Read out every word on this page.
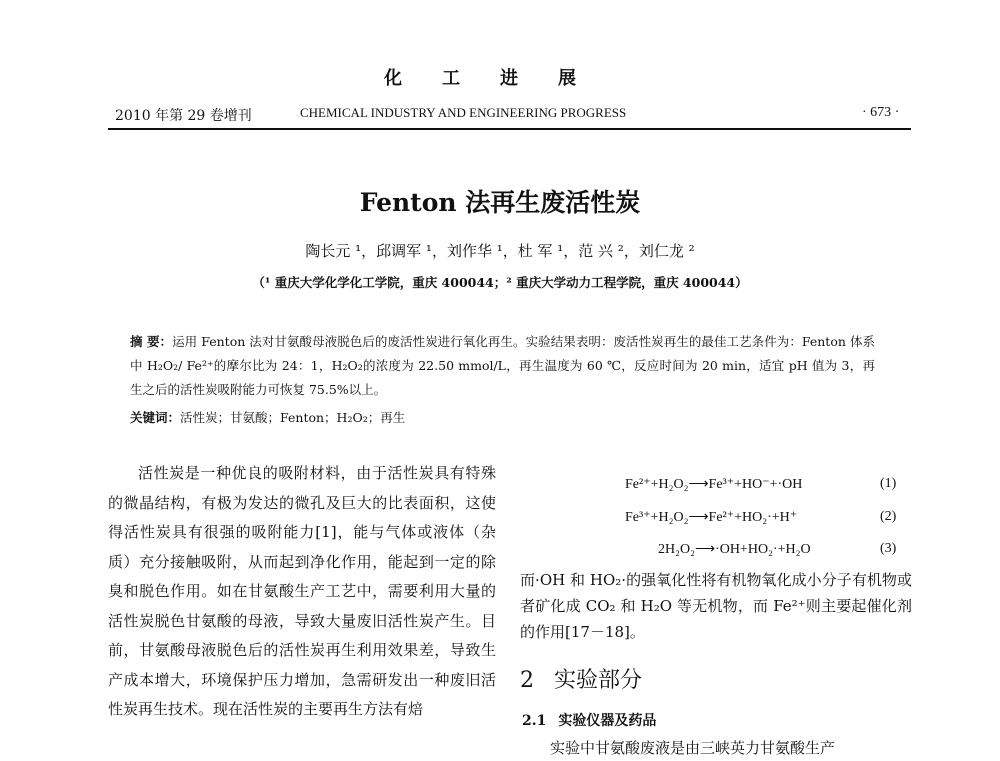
化工进展
2010 年第 29 卷增刊	CHEMICAL INDUSTRY AND ENGINEERING PROGRESS	· 673 ·
Fenton 法再生废活性炭
陶长元 ¹，邱调军 ¹，刘作华 ¹，杜 军 ¹，范 兴 ²，刘仁龙 ²
（¹ 重庆大学化学化工学院，重庆 400044；² 重庆大学动力工程学院，重庆 400044）
摘 要：运用 Fenton 法对甘氨酸母液脱色后的废活性炭进行氧化再生。实验结果表明：废活性炭再生的最佳工艺条件为：Fenton 体系中 H₂O₂/ Fe²⁺的摩尔比为 24：1，H₂O₂的浓度为 22.50 mmol/L，再生温度为 60 ℃，反应时间为 20 min，适宜 pH 值为 3，再生之后的活性炭吸附能力可恢复 75.5%以上。
关键词：活性炭；甘氨酸；Fenton；H₂O₂；再生
活性炭是一种优良的吸附材料，由于活性炭具有特殊的微晶结构，有极为发达的微孔及巨大的比表面积，这使得活性炭具有很强的吸附能力[1]，能与气体或液体（杂质）充分接触吸附，从而起到净化作用，能起到一定的除臭和脱色作用。如在甘氨酸生产工艺中，需要利用大量的活性炭脱色甘氨酸的母液，导致大量废旧活性炭产生。目前，甘氨酸母液脱色后的活性炭再生利用效果差，导致生产成本增大，环境保护压力增加，急需研发出一种废旧活性炭再生技术。现在活性炭的主要再生方法有焙
Fe²⁺+H₂O₂⟶Fe³⁺+HO⁻+·OH	(1)
Fe³⁺+H₂O₂⟶Fe²⁺+HO₂·+H⁺	(2)
2H₂O₂⟶·OH+HO₂·+H₂O	(3)
而·OH 和 HO₂·的强氧化性将有机物氧化成小分子有机物或者矿化成 CO₂ 和 H₂O 等无机物，而 Fe²⁺则主要起催化剂的作用[17－18]。
2 实验部分
2.1 实验仪器及药品
实验中甘氨酸废液是由三峡英力甘氨酸生产
